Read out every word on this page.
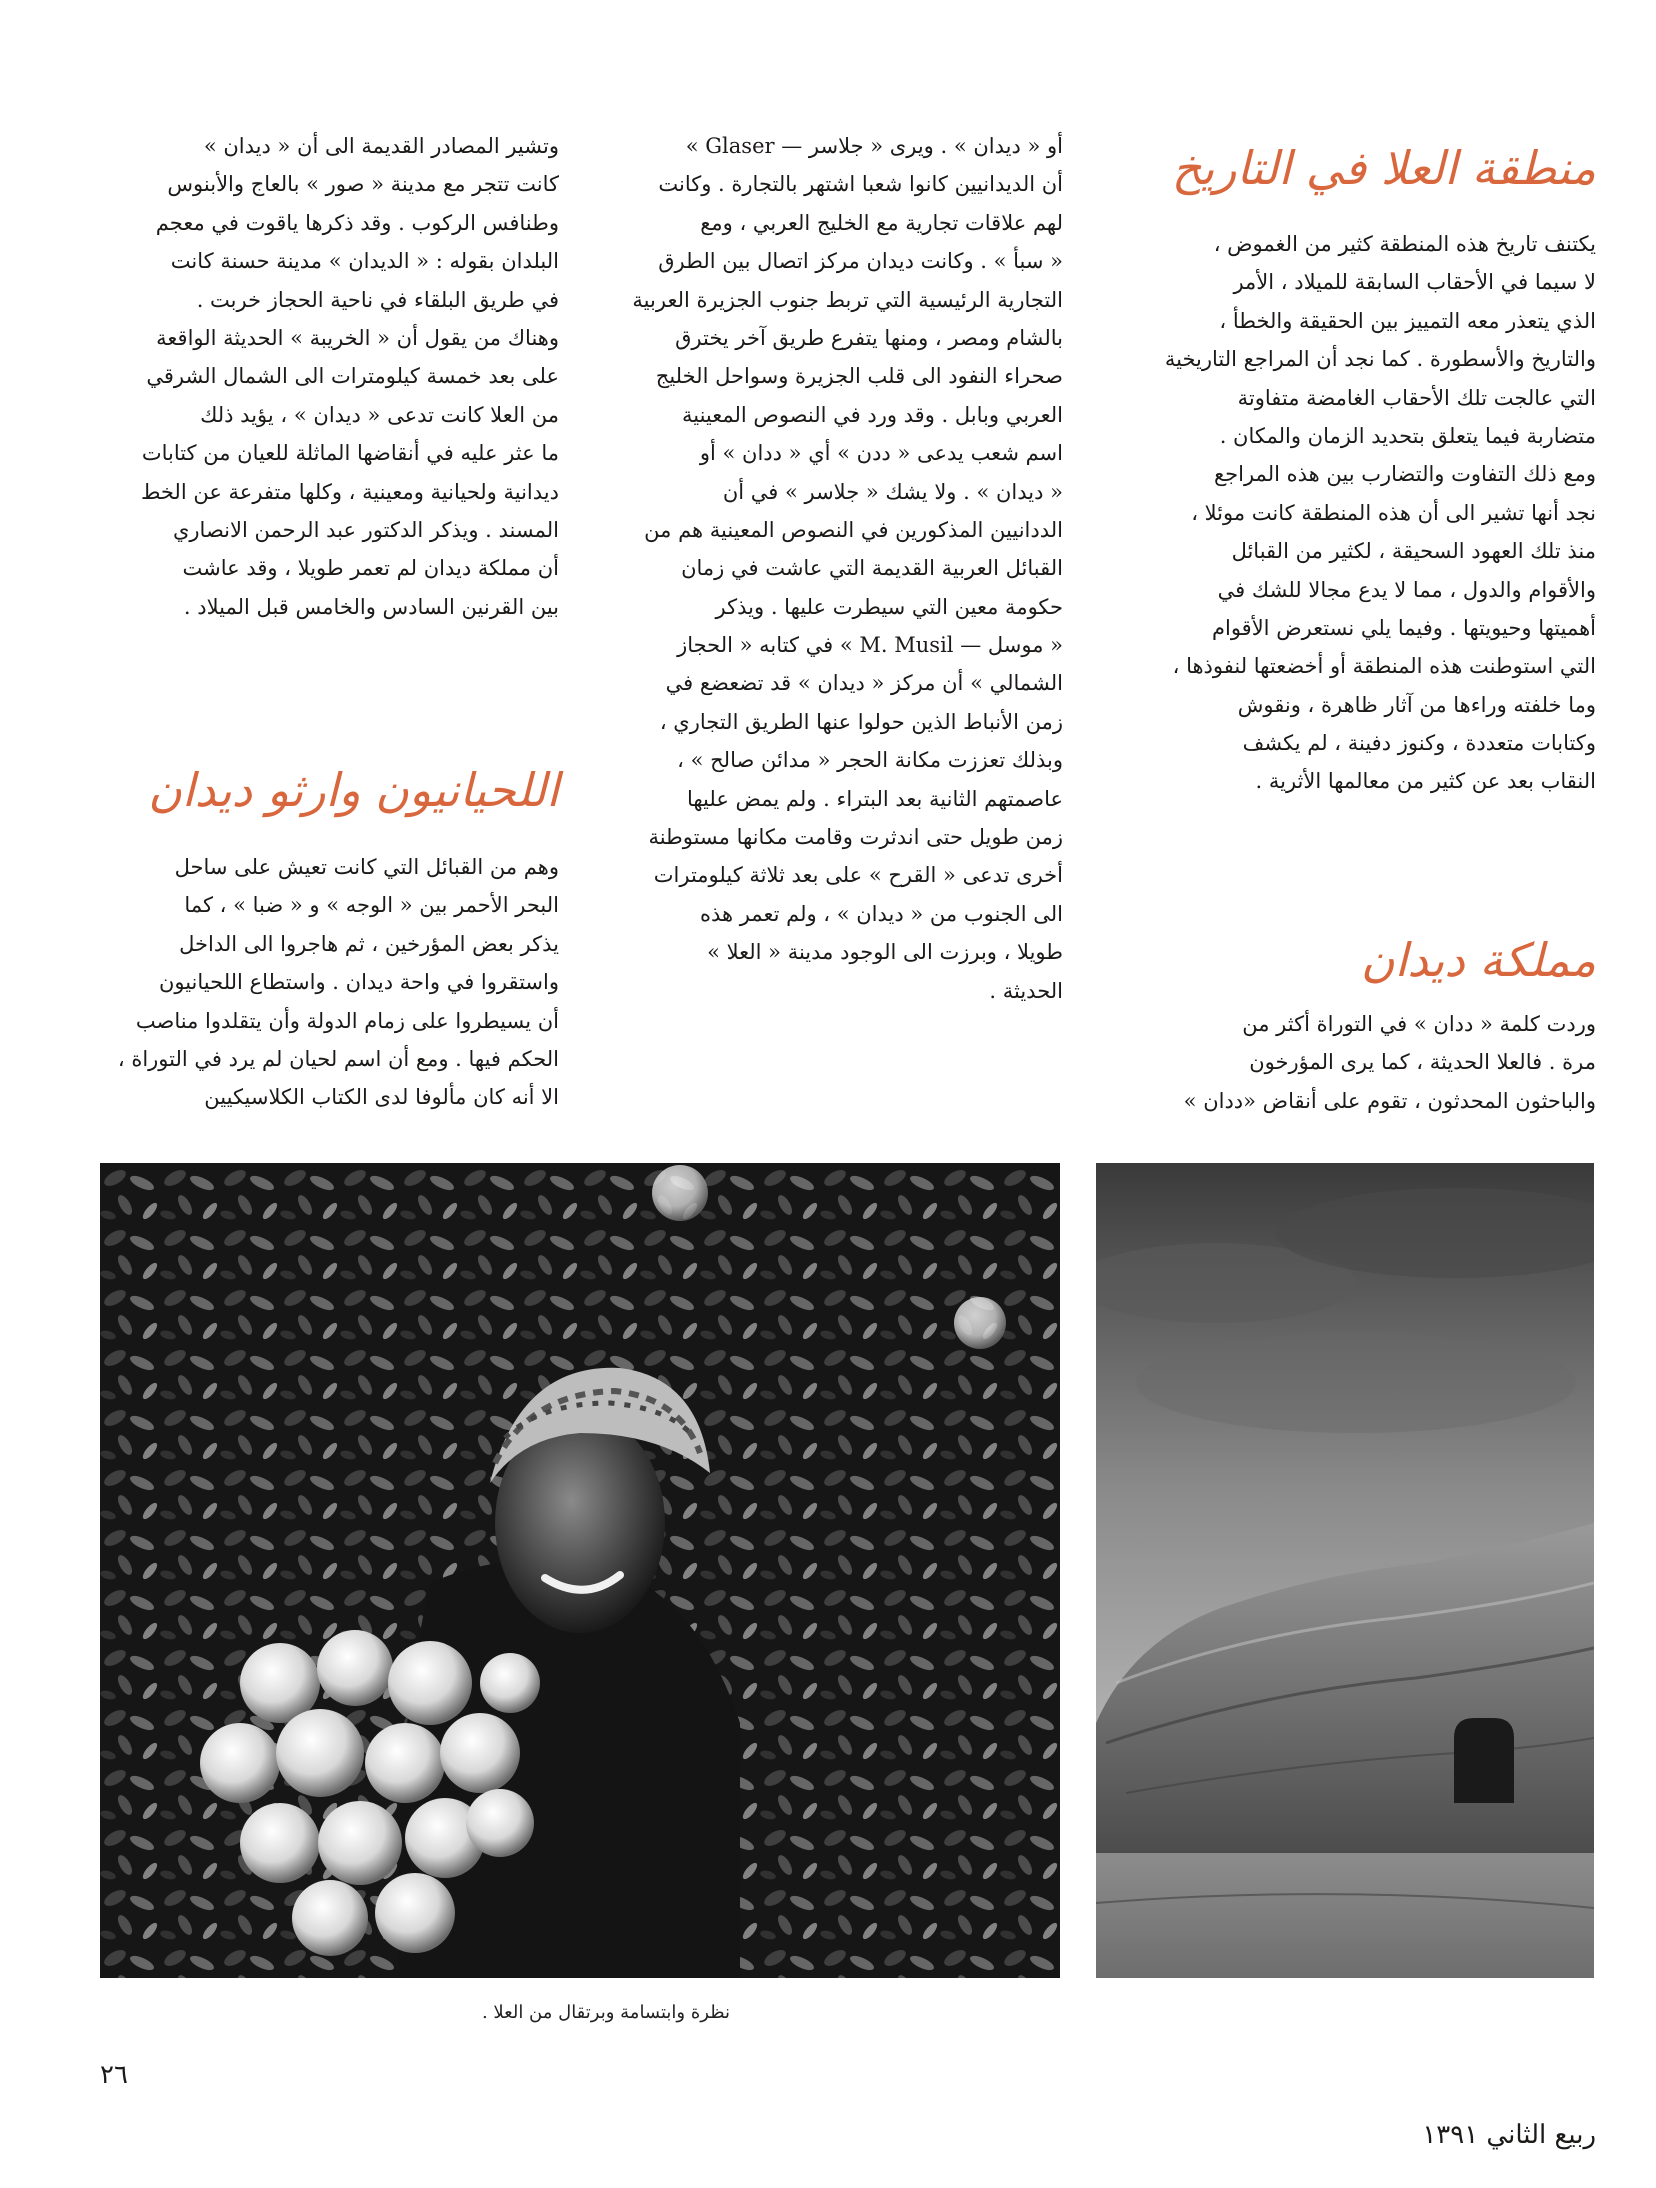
منطقة العلا في التاريخ
مملكة ديدان
اللحيانيون وارثو ديدان
يكتنف تاريخ هذه المنطقة كثير من الغموض ،
لا سيما في الأحقاب السابقة للميلاد ، الأمر
الذي يتعذر معه التمييز بين الحقيقة والخطأ ،
والتاريخ والأسطورة . كما نجد أن المراجع التاريخية
التي عالجت تلك الأحقاب الغامضة متفاوتة
متضاربة فيما يتعلق بتحديد الزمان والمكان .
ومع ذلك التفاوت والتضارب بين هذه المراجع
نجد أنها تشير الى أن هذه المنطقة كانت موئلا ،
منذ تلك العهود السحيقة ، لكثير من القبائل
والأقوام والدول ، مما لا يدع مجالا للشك في
أهميتها وحيويتها . وفيما يلي نستعرض الأقوام
التي استوطنت هذه المنطقة أو أخضعتها لنفوذها ،
وما خلفته وراءها من آثار ظاهرة ، ونقوش
وكتابات متعددة ، وكنوز دفينة ، لم يكشف
النقاب بعد عن كثير من معالمها الأثرية .
وردت كلمة « ددان » في التوراة أكثر من
مرة . فالعلا الحديثة ، كما يرى المؤرخون
والباحثون المحدثون ، تقوم على أنقاض «ددان »
أو « ديدان » . ويرى « جلاسر — Glaser »
أن الديدانيين كانوا شعبا اشتهر بالتجارة . وكانت
لهم علاقات تجارية مع الخليج العربي ، ومع
« سبأ » . وكانت ديدان مركز اتصال بين الطرق
التجارية الرئيسية التي تربط جنوب الجزيرة العربية
بالشام ومصر ، ومنها يتفرع طريق آخر يخترق
صحراء النفود الى قلب الجزيرة وسواحل الخليج
العربي وبابل . وقد ورد في النصوص المعينية
اسم شعب يدعى « ددن » أي « ددان » أو
« ديدان » . ولا يشك « جلاسر » في أن
الددانيين المذكورين في النصوص المعينية هم من
القبائل العربية القديمة التي عاشت في زمان
حكومة معين التي سيطرت عليها . ويذكر
« موسل — M. Musil » في كتابه « الحجاز
الشمالي » أن مركز « ديدان » قد تضعضع في
زمن الأنباط الذين حولوا عنها الطريق التجاري ،
وبذلك تعززت مكانة الحجر « مدائن صالح » ،
عاصمتهم الثانية بعد البتراء . ولم يمض عليها
زمن طويل حتى اندثرت وقامت مكانها مستوطنة
أخرى تدعى « القرح » على بعد ثلاثة كيلومترات
الى الجنوب من « ديدان » ، ولم تعمر هذه
طويلا ، وبرزت الى الوجود مدينة « العلا »
الحديثة .
وتشير المصادر القديمة الى أن « ديدان »
كانت تتجر مع مدينة « صور » بالعاج والأبنوس
وطنافس الركوب . وقد ذكرها ياقوت في معجم
البلدان بقوله : « الديدان » مدينة حسنة كانت
في طريق البلقاء في ناحية الحجاز خربت .
وهناك من يقول أن « الخريبة » الحديثة الواقعة
على بعد خمسة كيلومترات الى الشمال الشرقي
من العلا كانت تدعى « ديدان » ، يؤيد ذلك
ما عثر عليه في أنقاضها الماثلة للعيان من كتابات
ديدانية ولحيانية ومعينية ، وكلها متفرعة عن الخط
المسند . ويذكر الدكتور عبد الرحمن الانصاري
أن مملكة ديدان لم تعمر طويلا ، وقد عاشت
بين القرنين السادس والخامس قبل الميلاد .
وهم من القبائل التي كانت تعيش على ساحل
البحر الأحمر بين « الوجه » و « ضبا » ، كما
يذكر بعض المؤرخين ، ثم هاجروا الى الداخل
واستقروا في واحة ديدان . واستطاع اللحيانيون
أن يسيطروا على زمام الدولة وأن يتقلدوا مناصب
الحكم فيها . ومع أن اسم لحيان لم يرد في التوراة ،
الا أنه كان مألوفا لدى الكتاب الكلاسيكيين
نظرة وابتسامة وبرتقال من العلا .
٢٦
ربيع الثاني ١٣٩١
